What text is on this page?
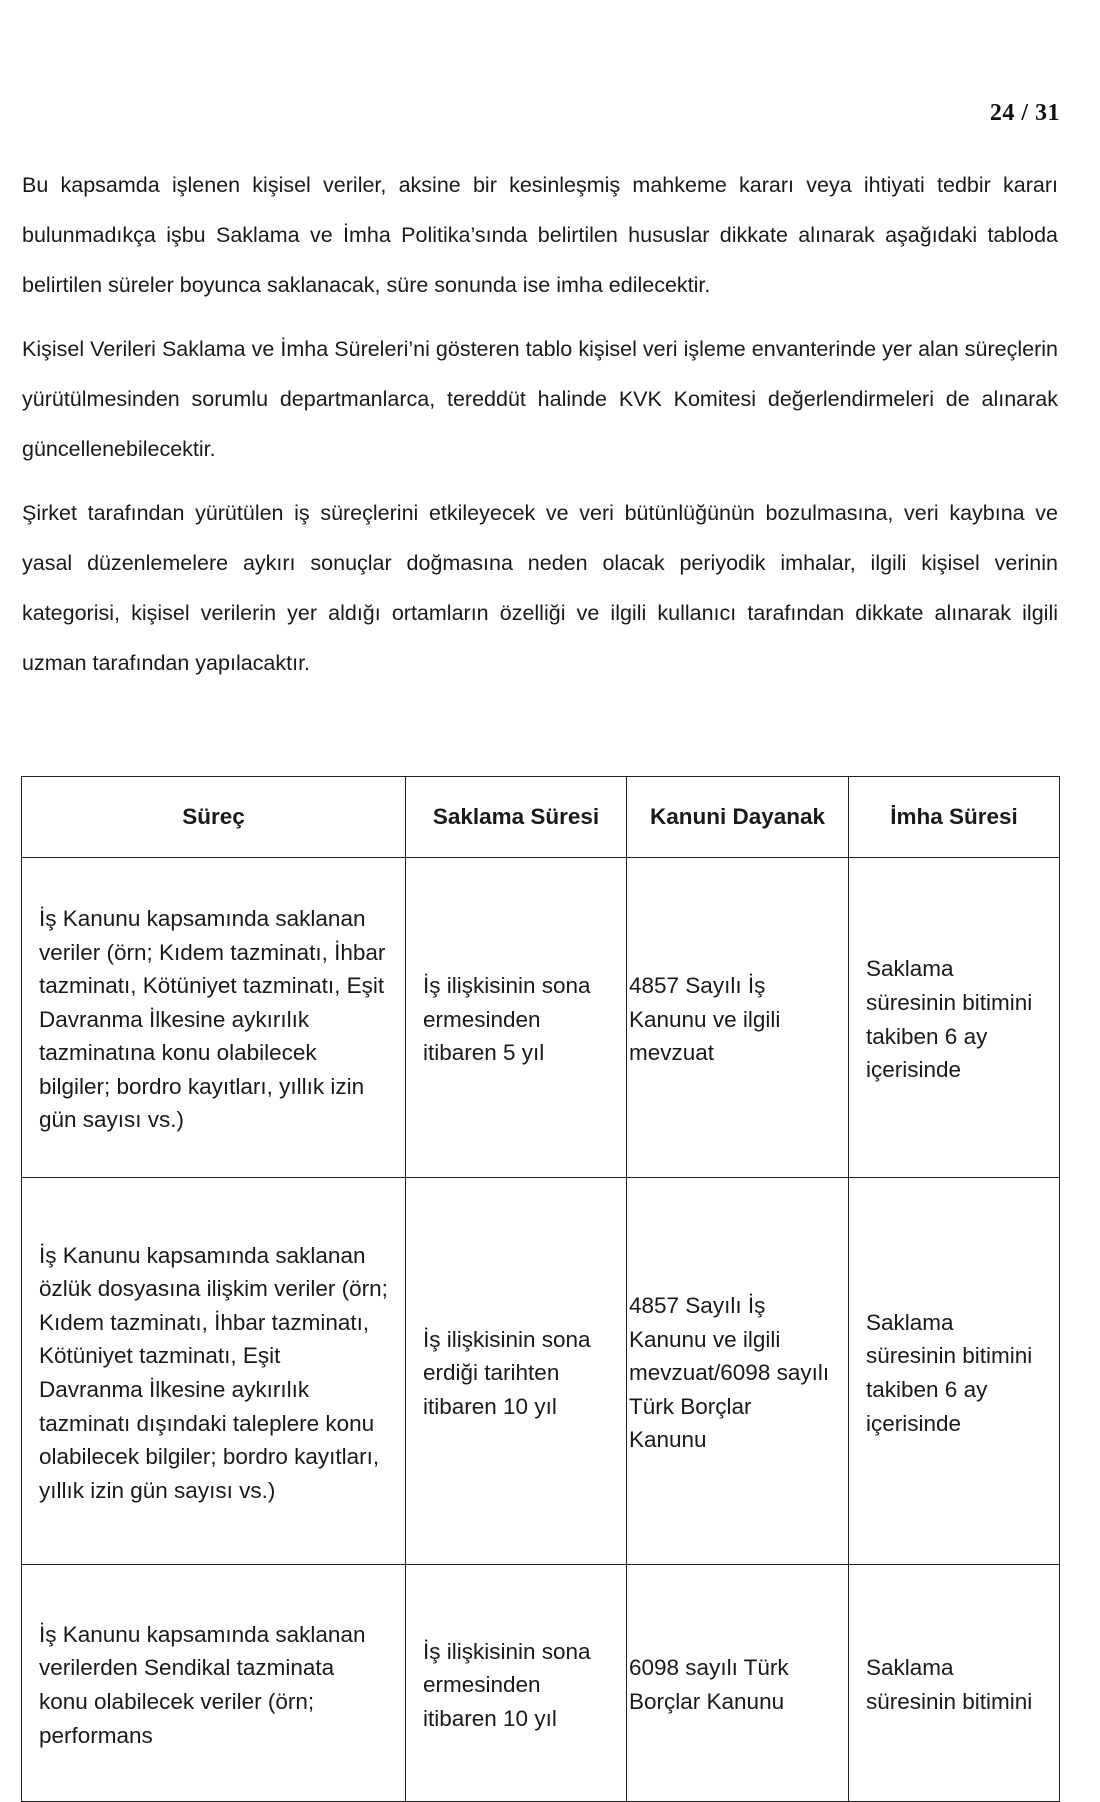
24 / 31

Bu kapsamda işlenen kişisel veriler, aksine bir kesinleşmiş mahkeme kararı veya ihtiyati tedbir kararı bulunmadıkça işbu Saklama ve İmha Politika’sında belirtilen hususlar dikkate alınarak aşağıdaki tabloda belirtilen süreler boyunca saklanacak, süre sonunda ise imha edilecektir.

Kişisel Verileri Saklama ve İmha Süreleri’ni gösteren tablo kişisel veri işleme envanterinde yer alan süreçlerin yürütülmesinden sorumlu departmanlarca, tereddüt halinde KVK Komitesi değerlendirmeleri de alınarak güncellenebilecektir.

Şirket tarafından yürütülen iş süreçlerini etkileyecek ve veri bütünlüğünün bozulmasına, veri kaybına ve yasal düzenlemelere aykırı sonuçlar doğmasına neden olacak periyodik imhalar, ilgili kişisel verinin kategorisi, kişisel verilerin yer aldığı ortamların özelliği ve ilgili kullanıcı tarafından dikkate alınarak ilgili uzman tarafından yapılacaktır.

Süreç	Saklama Süresi	Kanuni Dayanak	İmha Süresi
İş Kanunu kapsamında saklanan veriler (örn; Kıdem tazminatı, İhbar tazminatı, Kötüniyet tazminatı, Eşit Davranma İlkesine aykırılık tazminatına konu olabilecek bilgiler; bordro kayıtları, yıllık izin gün sayısı vs.)	İş ilişkisinin sona ermesinden itibaren 5 yıl	4857 Sayılı İş Kanunu ve ilgili mevzuat	Saklama süresinin bitimini takiben 6 ay içerisinde
İş Kanunu kapsamında saklanan özlük dosyasına ilişkim veriler (örn; Kıdem tazminatı, İhbar tazminatı, Kötüniyet tazminatı, Eşit Davranma İlkesine aykırılık tazminatı dışındaki taleplere konu olabilecek bilgiler; bordro kayıtları, yıllık izin gün sayısı vs.)	İş ilişkisinin sona erdiği tarihten itibaren 10 yıl	4857 Sayılı İş Kanunu ve ilgili mevzuat/6098 sayılı Türk Borçlar Kanunu	Saklama süresinin bitimini takiben 6 ay içerisinde
İş Kanunu kapsamında saklanan verilerden Sendikal tazminata konu olabilecek veriler (örn; performans	İş ilişkisinin sona ermesinden itibaren 10 yıl	6098 sayılı Türk Borçlar Kanunu	Saklama süresinin bitimini
